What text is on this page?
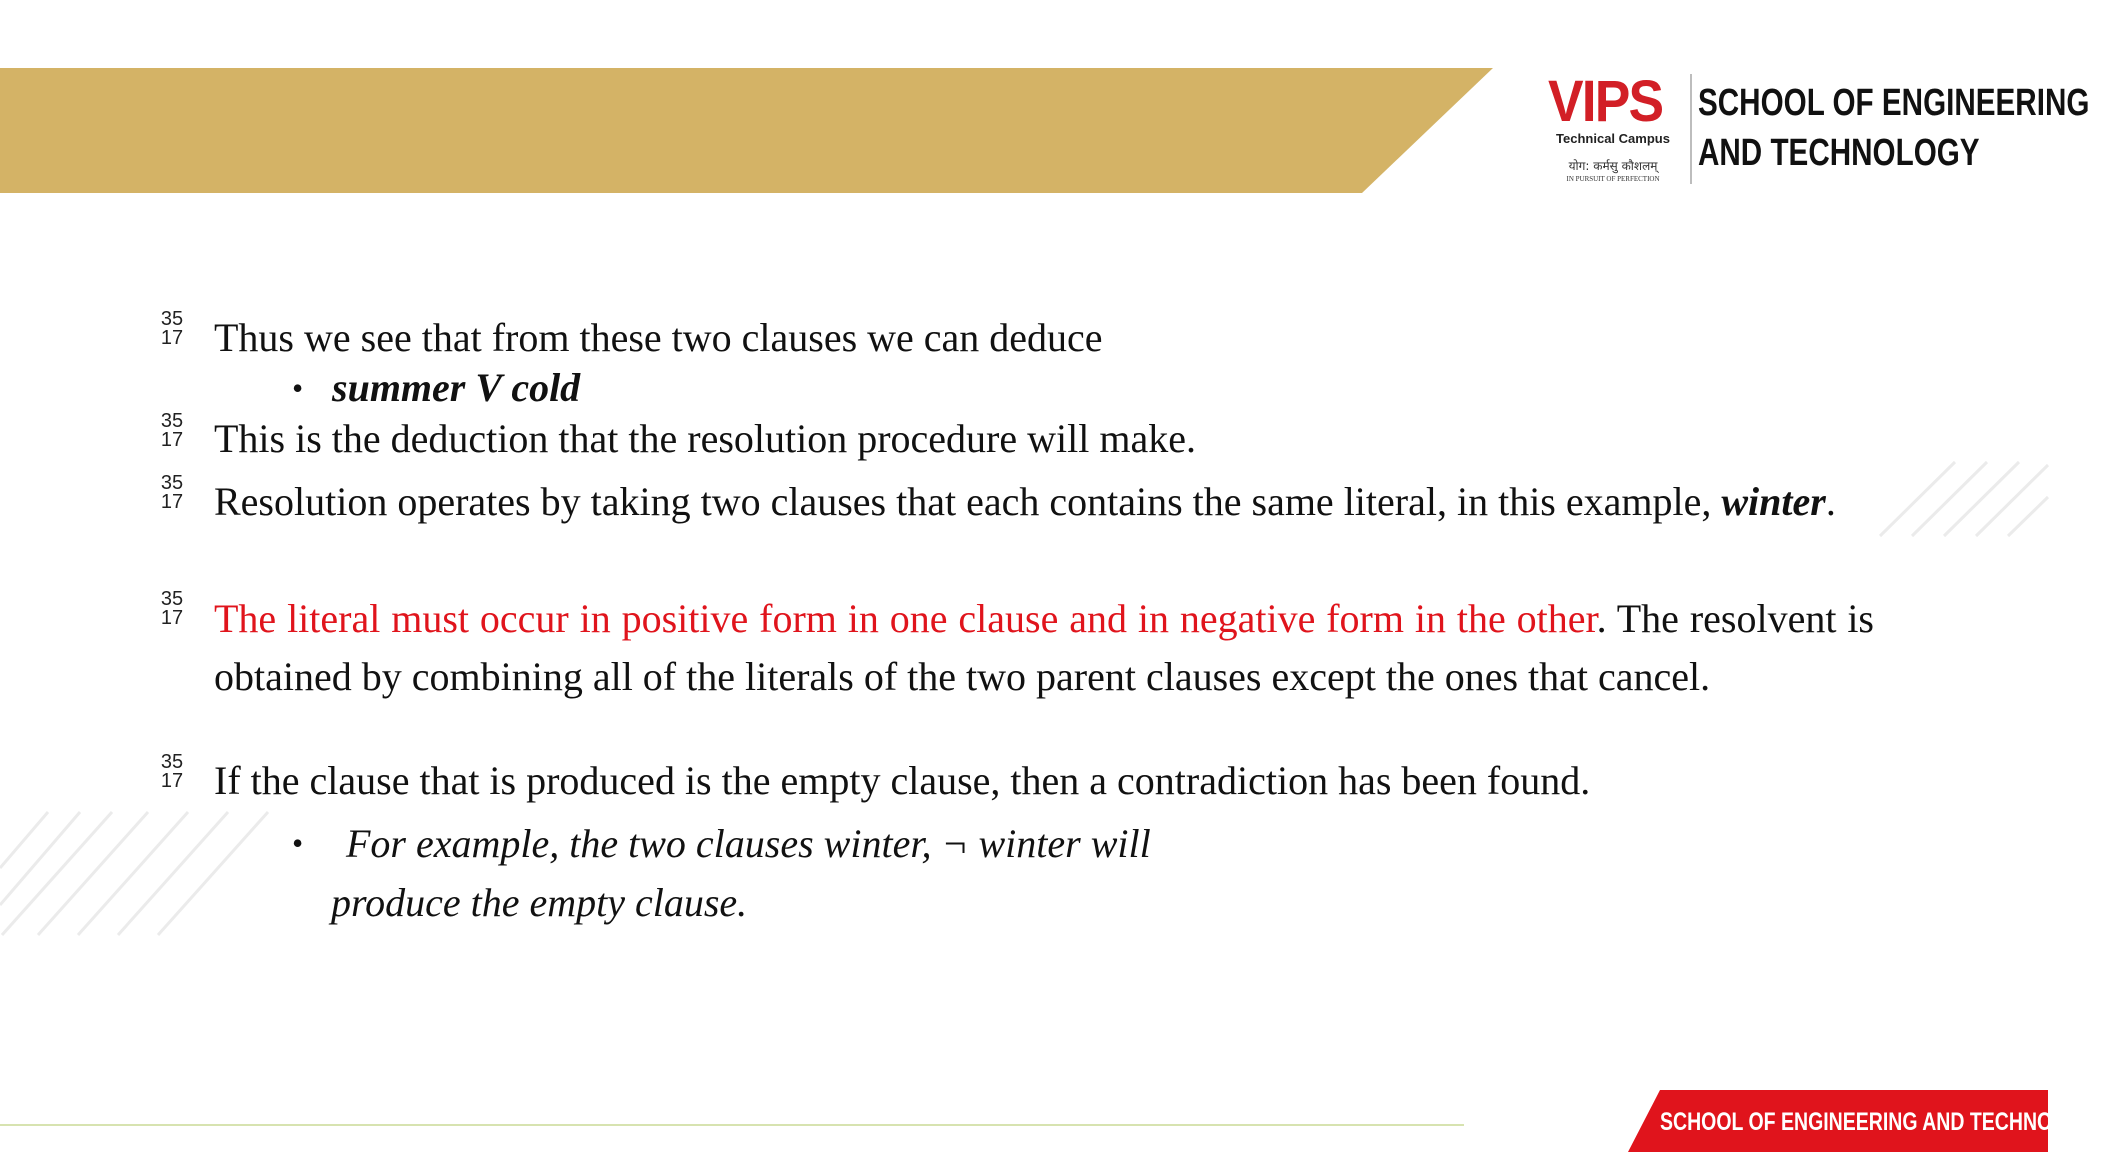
VIPS
Technical Campus
योग: कर्मसु कौशलम्
IN PURSUIT OF PERFECTION
SCHOOL OF ENGINEERING
AND TECHNOLOGY
35
17 Thus we see that from these two clauses we can deduce
• summer V cold
35
17 This is the deduction that the resolution procedure will make.
35
17 Resolution operates by taking two clauses that each contains the same literal, in this example, winter.
35
17 The literal must occur in positive form in one clause and in negative form in the other. The resolvent is obtained by combining all of the literals of the two parent clauses except the ones that cancel.
35
17 If the clause that is produced is the empty clause, then a contradiction has been found.
• For example, the two clauses winter, ¬ winter will
produce the empty clause.
SCHOOL OF ENGINEERING AND TECHNOLOGY
